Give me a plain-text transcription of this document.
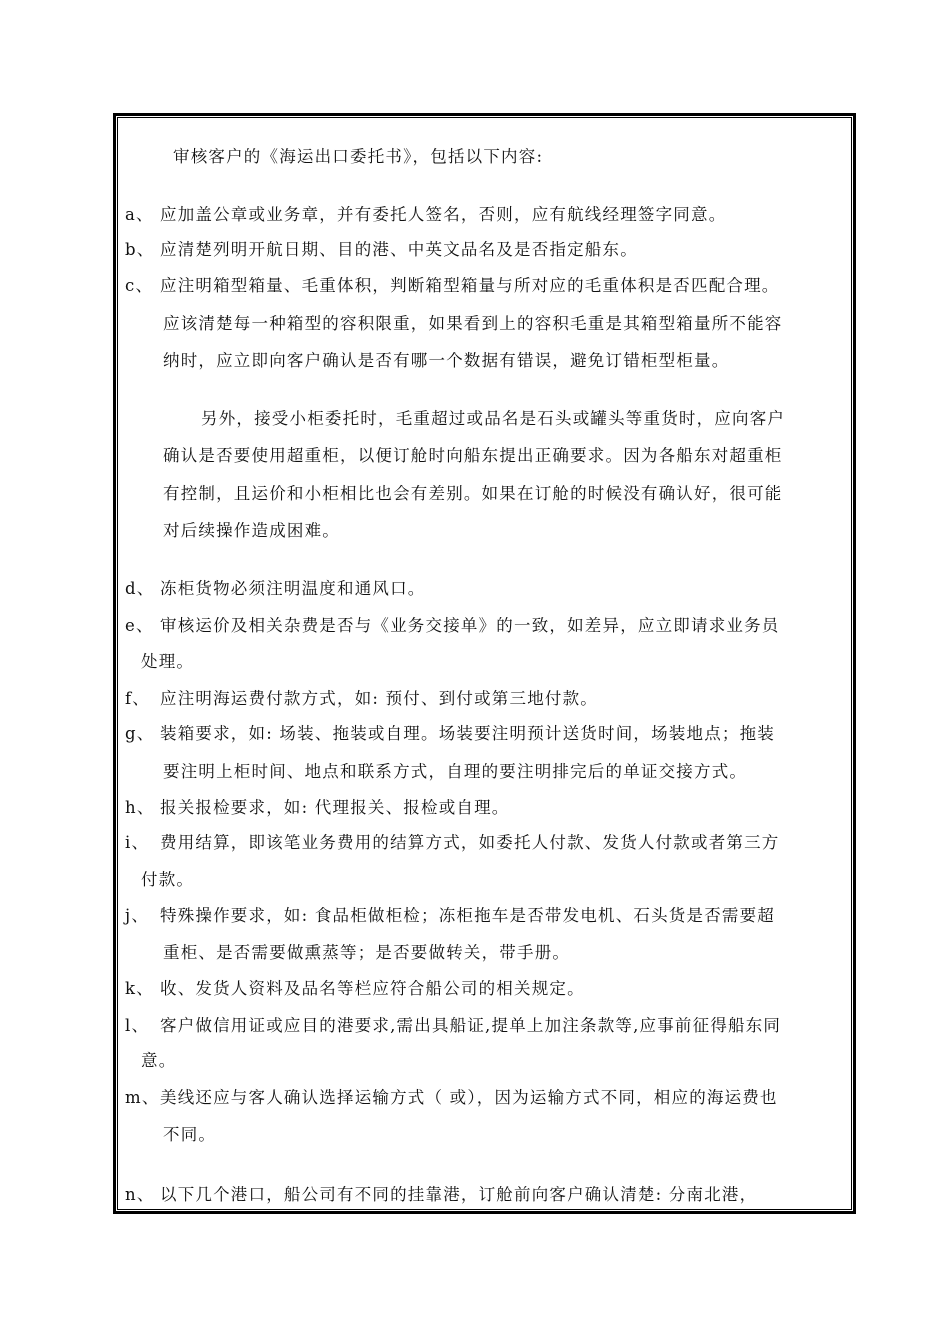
审核客户的《海运出口委托书》，包括以下内容:
a、 应加盖公章或业务章，并有委托人签名，否则，应有航线经理签字同意。
b、 应清楚列明开航日期、目的港、中英文品名及是否指定船东。
c、 应注明箱型箱量、毛重体积，判断箱型箱量与所对应的毛重体积是否匹配合理。
应该清楚每一种箱型的容积限重，如果看到上的容积毛重是其箱型箱量所不能容
纳时，应立即向客户确认是否有哪一个数据有错误，避免订错柜型柜量。
另外，接受小柜委托时，毛重超过或品名是石头或罐头等重货时，应向客户
确认是否要使用超重柜，以便订舱时向船东提出正确要求。因为各船东对超重柜
有控制，且运价和小柜相比也会有差别。如果在订舱的时候没有确认好，很可能
对后续操作造成困难。
d、 冻柜货物必须注明温度和通风口。
e、 审核运价及相关杂费是否与《业务交接单》的一致，如差异，应立即请求业务员
处理。
f、 应注明海运费付款方式，如: 预付、到付或第三地付款。
g、 装箱要求，如: 场装、拖装或自理。场装要注明预计送货时间，场装地点；拖装
要注明上柜时间、地点和联系方式，自理的要注明排完后的单证交接方式。
h、 报关报检要求，如: 代理报关、报检或自理。
i、 费用结算，即该笔业务费用的结算方式，如委托人付款、发货人付款或者第三方
付款。
j、 特殊操作要求，如: 食品柜做柜检；冻柜拖车是否带发电机、石头货是否需要超
重柜、是否需要做熏蒸等；是否要做转关，带手册。
k、 收、发货人资料及品名等栏应符合船公司的相关规定。
l、 客户做信用证或应目的港要求,需出具船证,提单上加注条款等,应事前征得船东同
意。
m、 美线还应与客人确认选择运输方式（ 或），因为运输方式不同，相应的海运费也
不同。
n、 以下几个港口，船公司有不同的挂靠港，订舱前向客户确认清楚: 分南北港，
